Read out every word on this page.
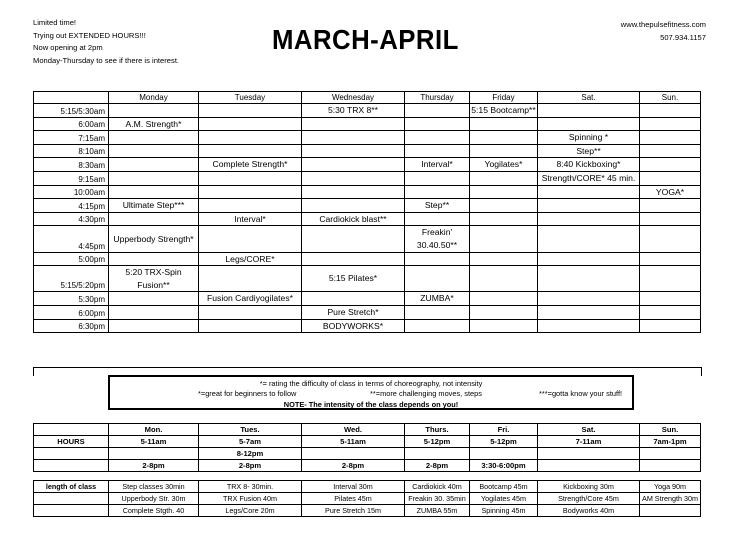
Limited time!
Trying out EXTENDED HOURS!!!
Now opening at 2pm
Monday-Thursday to see if there is interest.
MARCH-APRIL	www.thepulsefitness.com
507.934.1157
	Monday	Tuesday	Wednesday	Thursday	Friday	Sat.	Sun.
5:15/5:30am			5:30 TRX 8**		5:15 Bootcamp**		
6:00am	A.M. Strength*						
7:15am						Spinning *	
8:10am						Step**	
8:30am		Complete Strength*		Interval*	Yogilates*	8:40 Kickboxing*	
9:15am						Strength/CORE* 45 min.	
10:00am							YOGA*
4:15pm	Ultimate Step***			Step**			
4:30pm		Interval*	Cardiokick blast**				
4:45pm	Upperbody Strength*			Freakin' 30.40.50**			
5:00pm		Legs/CORE*					
5:15/5:20pm	5:20 TRX-Spin Fusion**		5:15 Pilates*				
5:30pm		Fusion Cardiyogilates*		ZUMBA*			
6:00pm			Pure Stretch*				
6:30pm			BODYWORKS*				
*= rating the difficulty of class in terms of choreography, not intensity
*=great for beginners to follow	**=more challenging moves, steps	***=gotta know your stuff!
NOTE- The intensity of the class depends on you!
	Mon.	Tues.	Wed.	Thurs.	Fri.	Sat.	Sun.
HOURS	5-11am	5-7am	5-11am	5-12pm	5-12pm	7-11am	7am-1pm
		8-12pm					
	2-8pm	2-8pm	2-8pm	2-8pm	3:30-6:00pm		
length of class	Step classes 30min	TRX 8- 30min.	Interval 30m	Cardiokick 40m	Bootcamp 45m	Kickboxing 30m	Yoga 90m
	Upperbody Str. 30m	TRX Fusion 40m	Pilates 45m	Freakin 30. 35min	Yogilates 45m	Strength/Core 45m	AM Strength 30m
	Complete Stgth. 40	Legs/Core 20m	Pure Stretch 15m	ZUMBA 55m	Spinning 45m	Bodyworks 40m	
